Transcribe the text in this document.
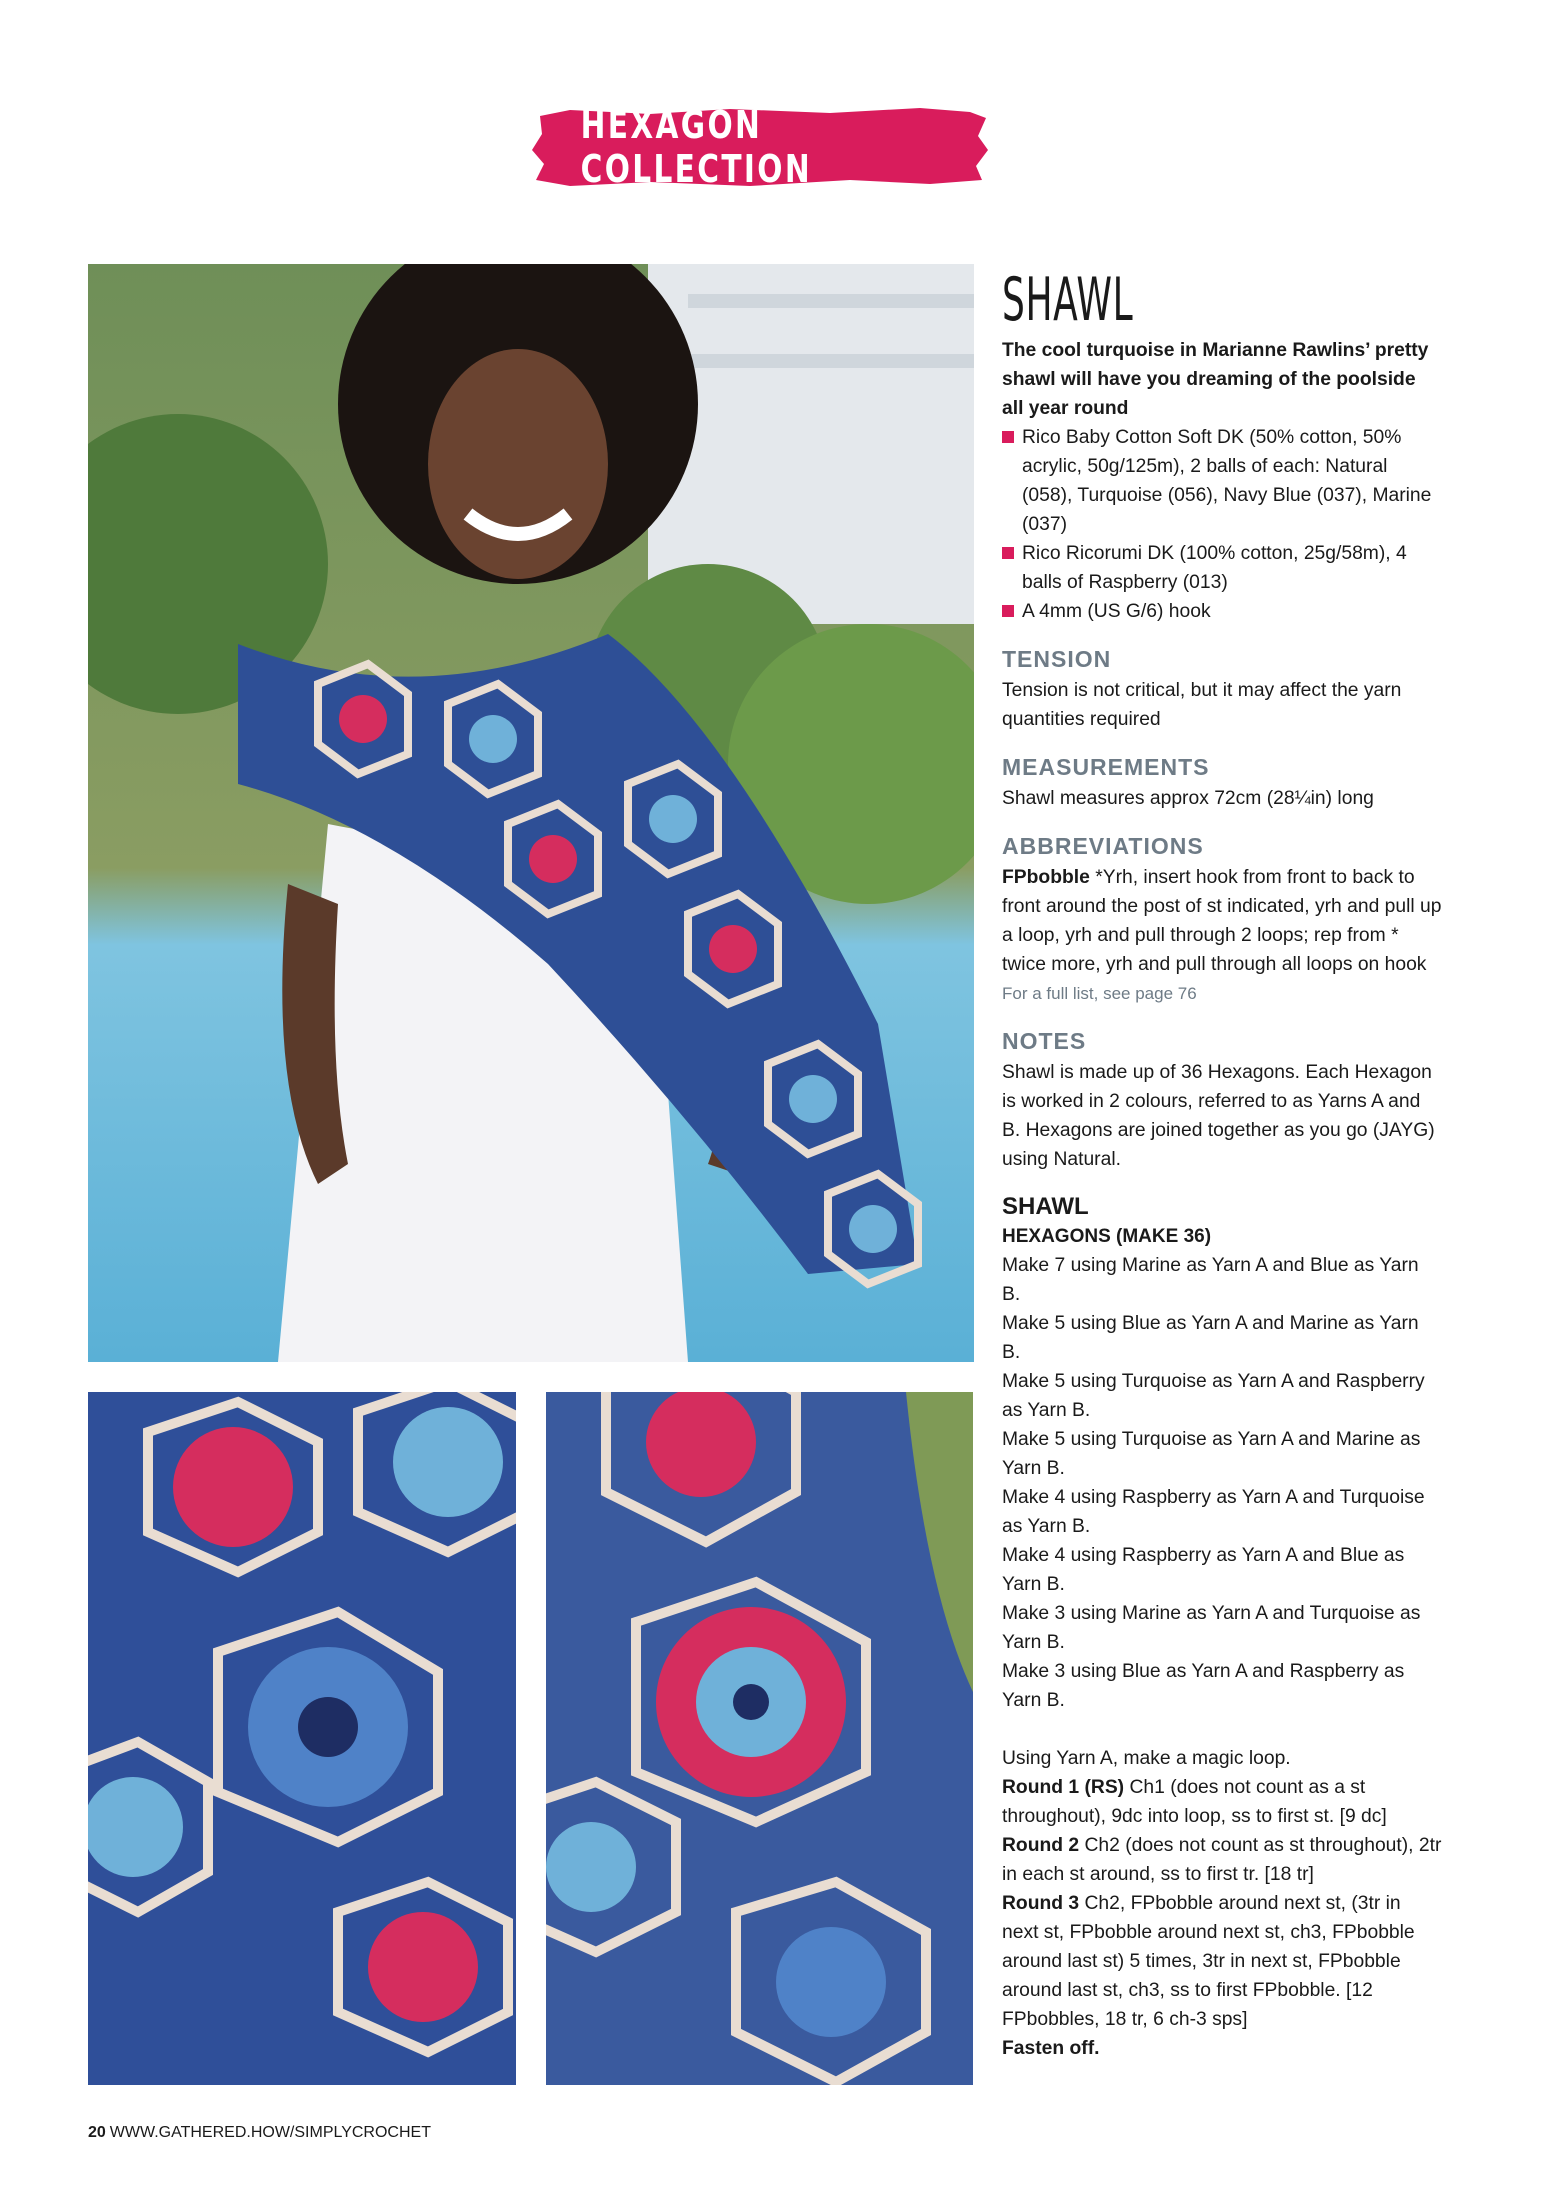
HEXAGON COLLECTION
SHAWL

The cool turquoise in Marianne Rawlins’ pretty shawl will have you dreaming of the poolside all year round

Rico Baby Cotton Soft DK (50% cotton, 50% acrylic, 50g/125m), 2 balls of each: Natural (058), Turquoise (056), Navy Blue (037), Marine (037)
Rico Ricorumi DK (100% cotton, 25g/58m), 4 balls of Raspberry (013)
A 4mm (US G/6) hook
TENSION

Tension is not critical, but it may affect the yarn quantities required

MEASUREMENTS

Shawl measures approx 72cm (28¼in) long

ABBREVIATIONS

FPbobble *Yrh, insert hook from front to back to front around the post of st indicated, yrh and pull up a loop, yrh and pull through 2 loops; rep from * twice more, yrh and pull through all loops on hook

For a full list, see page 76

NOTES

Shawl is made up of 36 Hexagons. Each Hexagon is worked in 2 colours, referred to as Yarns A and B. Hexagons are joined together as you go (JAYG) using Natural.

SHAWL
HEXAGONS (MAKE 36)

Make 7 using Marine as Yarn A and Blue as Yarn B.

Make 5 using Blue as Yarn A and Marine as Yarn B.

Make 5 using Turquoise as Yarn A and Raspberry as Yarn B.

Make 5 using Turquoise as Yarn A and Marine as Yarn B.

Make 4 using Raspberry as Yarn A and Turquoise as Yarn B.

Make 4 using Raspberry as Yarn A and Blue as Yarn B.

Make 3 using Marine as Yarn A and Turquoise as Yarn B.

Make 3 using Blue as Yarn A and Raspberry as Yarn B.

Using Yarn A, make a magic loop.

Round 1 (RS) Ch1 (does not count as a st throughout), 9dc into loop, ss to first st. [9 dc]

Round 2 Ch2 (does not count as st throughout), 2tr in each st around, ss to first tr. [18 tr]

Round 3 Ch2, FPbobble around next st, (3tr in next st, FPbobble around next st, ch3, FPbobble around last st) 5 times, 3tr in next st, FPbobble around last st, ch3, ss to first FPbobble. [12 FPbobbles, 18 tr, 6 ch-3 sps]

Fasten off.

20 WWW.GATHERED.HOW/SIMPLYCROCHET
